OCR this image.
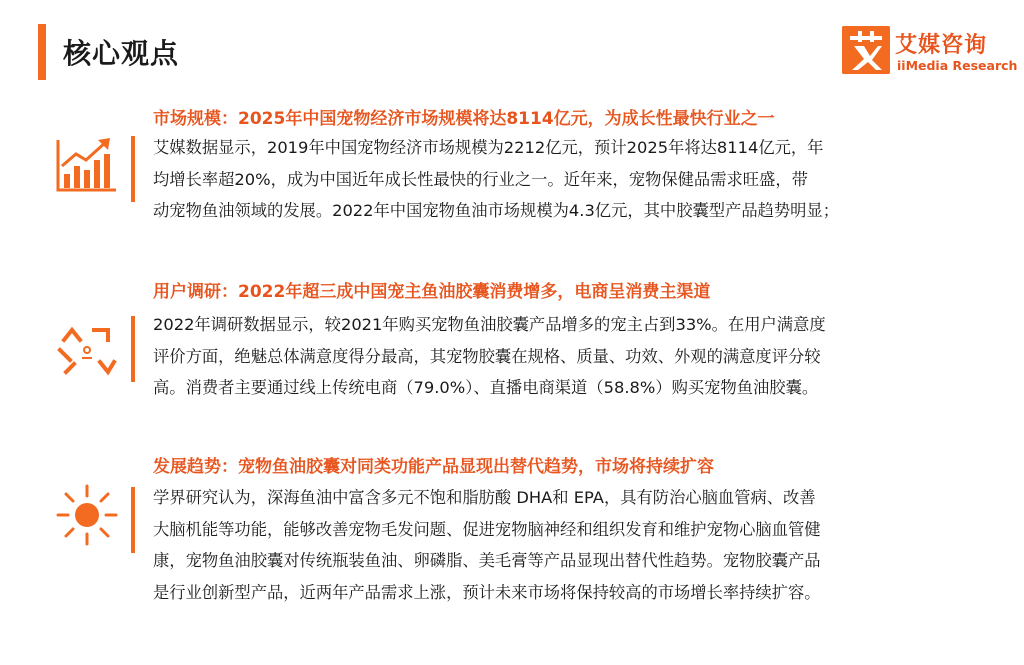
核心观点	艾媒咨询
iiMedia Research
市场规模：2025年中国宠物经济市场规模将达8114亿元，为成长性最快行业之一
艾媒数据显示，2019年中国宠物经济市场规模为2212亿元，预计2025年将达8114亿元，年
均增长率超20%，成为中国近年成长性最快的行业之一。近年来，宠物保健品需求旺盛，带
动宠物鱼油领域的发展。2022年中国宠物鱼油市场规模为4.3亿元，其中胶囊型产品趋势明显；
用户调研：2022年超三成中国宠主鱼油胶囊消费增多，电商呈消费主渠道
2022年调研数据显示，较2021年购买宠物鱼油胶囊产品增多的宠主占到33%。在用户满意度
评价方面，绝魅总体满意度得分最高，其宠物胶囊在规格、质量、功效、外观的满意度评分较
高。消费者主要通过线上传统电商（79.0%）、直播电商渠道（58.8%）购买宠物鱼油胶囊。
发展趋势：宠物鱼油胶囊对同类功能产品显现出替代趋势，市场将持续扩容
学界研究认为，深海鱼油中富含多元不饱和脂肪酸 DHA和 EPA，具有防治心脑血管病、改善
大脑机能等功能，能够改善宠物毛发问题、促进宠物脑神经和组织发育和维护宠物心脑血管健
康，宠物鱼油胶囊对传统瓶装鱼油、卵磷脂、美毛膏等产品显现出替代性趋势。宠物胶囊产品
是行业创新型产品，近两年产品需求上涨，预计未来市场将保持较高的市场增长率持续扩容。
